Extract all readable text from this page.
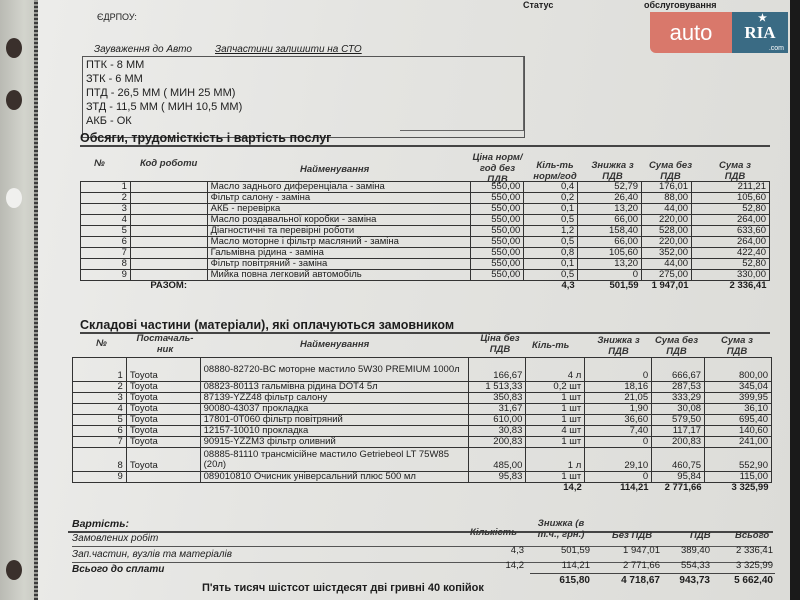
ЄДРПОУ:
Статус	обслуговування
auto
★
RIA
.com
Зауваження до Авто Запчастини залишити на СТО
ПТК - 8 ММ
ЗТК - 6 ММ
ПТД - 26,5 ММ ( МИН 25 ММ)
ЗТД - 11,5 ММ ( МИН 10,5 ММ)
АКБ - ОК
Обсяги, трудомісткість і вартість послуг
№	Код роботи
Найменування
Ціна норм/год без ПДВ
Кіль-ть норм/год
Знижка з ПДВ
Сума без ПДВ
Сума з ПДВ
1		Масло заднього диференціала - заміна	550,00	0,4	52,79	176,01	211,21
2		Фільтр салону - заміна	550,00	0,2	26,40	88,00	105,60
3		АКБ - перевірка	550,00	0,1	13,20	44,00	52,80
4		Масло роздавальної коробки - заміна	550,00	0,5	66,00	220,00	264,00
5		Діагностичні та перевірні роботи	550,00	1,2	158,40	528,00	633,60
6		Масло моторне і фільтр масляний - заміна	550,00	0,5	66,00	220,00	264,00
7		Гальмівна рідина - заміна	550,00	0,8	105,60	352,00	422,40
8		Фільтр повітряний - заміна	550,00	0,1	13,20	44,00	52,80
9		Мийка повна легковий автомобіль	550,00	0,5	0	275,00	330,00
	РАЗОМ:			4,3	501,59	1 947,01	2 336,41
Складові частини (матеріали), які оплачуються замовником
№	Постачаль-ник	Найменування
Ціна без ПДВ	Кіль-ть	Знижка з ПДВ
Сума без ПДВ
Сума з ПДВ
1	Toyota	08880-82720-BC моторне мастило 5W30 PREMIUM 1000л	166,67	4 л	0	666,67	800,00
2	Toyota	08823-80113 гальмівна рідина DOT4 5л	1 513,33	0,2 шт	18,16	287,53	345,04
3	Toyota	87139-YZZ48 фільтр салону	350,83	1 шт	21,05	333,29	399,95
4	Toyota	90080-43037 прокладка	31,67	1 шт	1,90	30,08	36,10
5	Toyota	17801-0T060 фільтр повітряний	610,00	1 шт	36,60	579,50	695,40
6	Toyota	12157-10010 прокладка	30,83	4 шт	7,40	117,17	140,60
7	Toyota	90915-YZZM3 фільтр оливний	200,83	1 шт	0	200,83	241,00
8	Toyota	08885-81110 трансмісійне мастило Getriebeol LT 75W85 (20л)	485,00	1 л	29,10	460,75	552,90
9		089010810 Очисник універсальний плюс 500 мл	95,83	1 шт	0	95,84	115,00
				14,2	114,21	2 771,66	3 325,99
Вартість:
Кількість
Знижка (в т.ч., грн.)	Без ПДВ	ПДВ	Всього
Замовлених робіт
4,3	501,59	1 947,01	389,40	2 336,41
Зап.частин, вузлів та матеріалів
14,2	114,21	2 771,66	554,33	3 325,99
Всього до сплати
615,80	4 718,67	943,73	5 662,40
П'ять тисяч шістсот шістдесят дві гривні 40 копійок
